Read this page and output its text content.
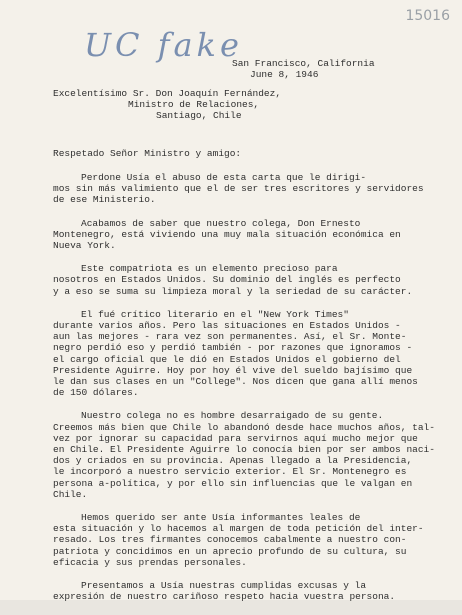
15016
UC fake
San Francisco, California
June 8, 1946
Excelentísimo Sr. Don Joaquín Fernández,
Ministro de Relaciones,
Santiago, Chile
Respetado Señor Ministro y amigo:

Perdone Usía el abuso de esta carta que le dirigi-
mos sin más valimiento que el de ser tres escritores y servidores
de ese Ministerio.

Acabamos de saber que nuestro colega, Don Ernesto
Montenegro, está viviendo una muy mala situación económica en
Nueva York.

Este compatriota es un elemento precioso para
nosotros en Estados Unidos. Su dominio del inglés es perfecto
y a eso se suma su limpieza moral y la seriedad de su carácter.

El fué crítico literario en el "New York Times"
durante varios años. Pero las situaciones en Estados Unidos -
aun las mejores - rara vez son permanentes. Así, el Sr. Monte-
negro perdió eso y perdió también - por razones que ignoramos -
el cargo oficial que le dió en Estados Unidos el gobierno del
Presidente Aguirre. Hoy por hoy él vive del sueldo bajísimo que
le dan sus clases en un "College". Nos dicen que gana allí menos
de 150 dólares.

Nuestro colega no es hombre desarraigado de su gente.
Creemos más bien que Chile lo abandonó desde hace muchos años, tal-
vez por ignorar su capacidad para servirnos aquí mucho mejor que
en Chile. El Presidente Aguirre lo conocía bien por ser ambos naci-
dos y criados en su provincia. Apenas llegado a la Presidencia,
le incorporó a nuestro servicio exterior. El Sr. Montenegro es
persona a-política, y por ello sin influencias que le valgan en
Chile.

Hemos querido ser ante Usía informantes leales de
esta situación y lo hacemos al margen de toda petición del inter-
resado. Los tres firmantes conocemos cabalmente a nuestro con-
patriota y concidimos en un aprecio profundo de su cultura, su
eficacia y sus prendas personales.

Presentamos a Usía nuestras cumplidas excusas y la
expresión de nuestro cariñoso respeto hacia vuestra persona.
